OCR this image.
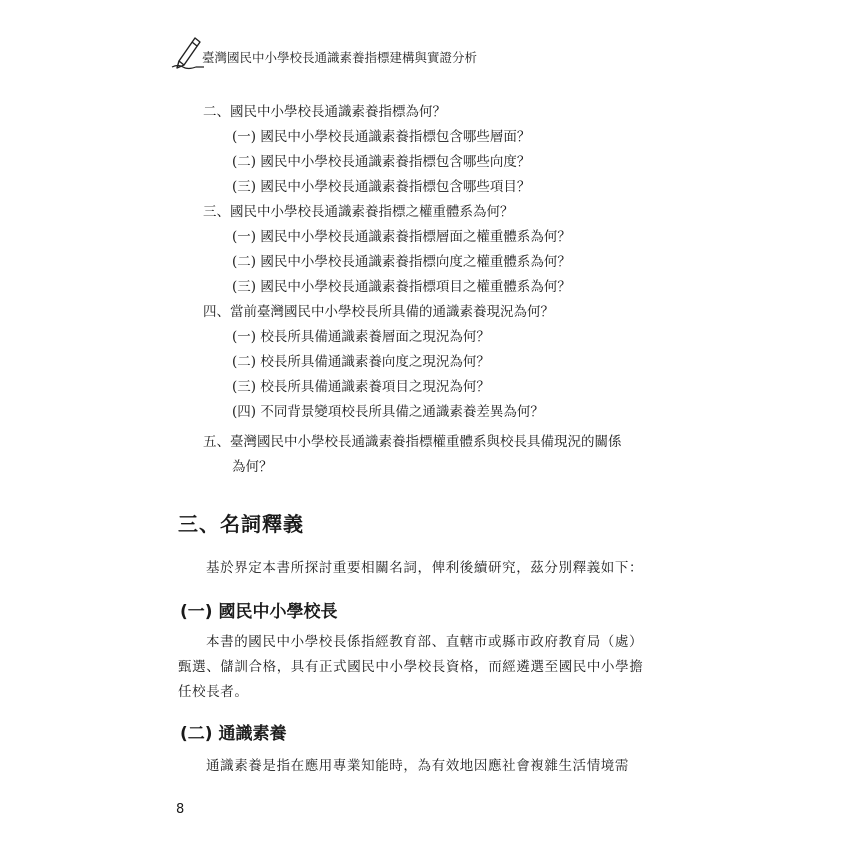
臺灣國民中小學校長通識素養指標建構與實證分析
二、國民中小學校長通識素養指標為何？
(一) 國民中小學校長通識素養指標包含哪些層面？
(二) 國民中小學校長通識素養指標包含哪些向度？
(三) 國民中小學校長通識素養指標包含哪些項目？
三、國民中小學校長通識素養指標之權重體系為何？
(一) 國民中小學校長通識素養指標層面之權重體系為何？
(二) 國民中小學校長通識素養指標向度之權重體系為何？
(三) 國民中小學校長通識素養指標項目之權重體系為何？
四、當前臺灣國民中小學校長所具備的通識素養現況為何？
(一) 校長所具備通識素養層面之現況為何？
(二) 校長所具備通識素養向度之現況為何？
(三) 校長所具備通識素養項目之現況為何？
(四) 不同背景變項校長所具備之通識素養差異為何？
五、臺灣國民中小學校長通識素養指標權重體系與校長具備現況的關係
為何？
三、名詞釋義
基於界定本書所探討重要相關名詞，俾利後續研究，茲分別釋義如下：
(一) 國民中小學校長
本書的國民中小學校長係指經教育部、直轄市或縣市政府教育局（處）
甄選、儲訓合格，具有正式國民中小學校長資格，而經遴選至國民中小學擔
任校長者。
(二) 通識素養
通識素養是指在應用專業知能時，為有效地因應社會複雜生活情境需
8
